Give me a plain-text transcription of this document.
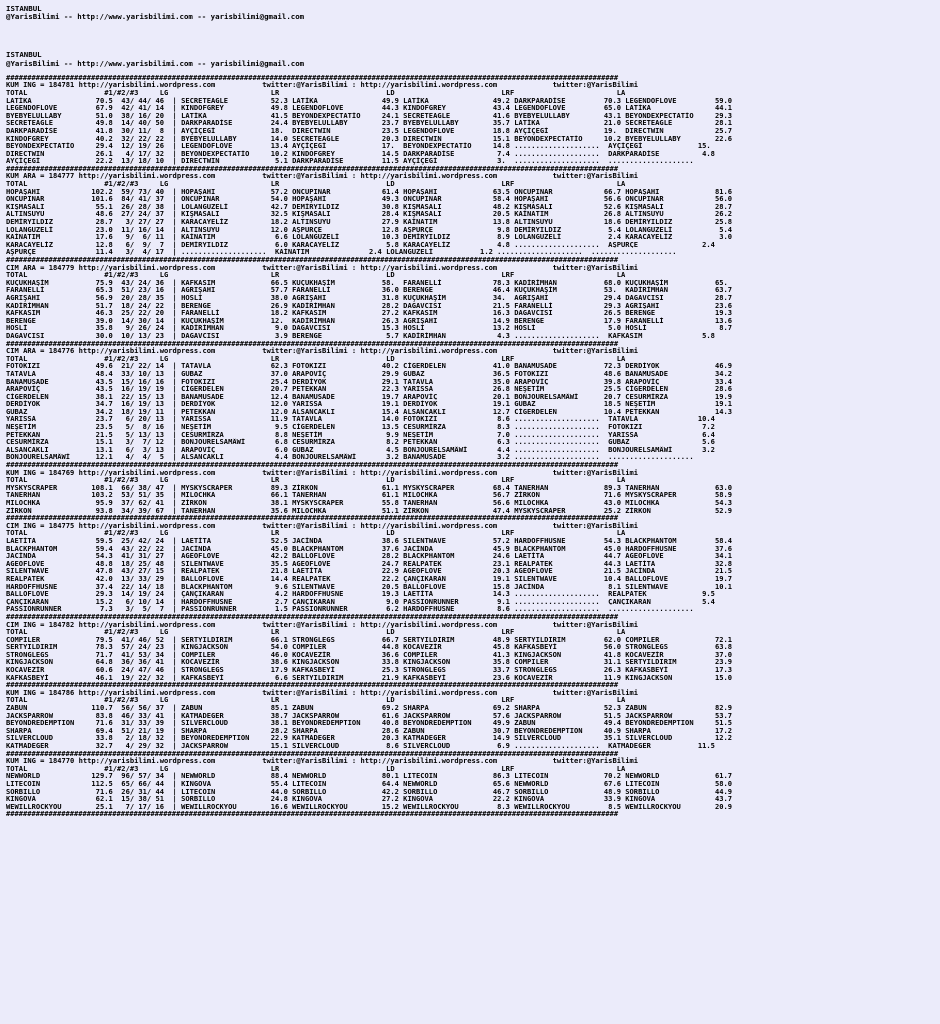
ISTANBUL
@YarisBilimi -- http://www.yarisbilimi.com -- yarisbilimi@gmail.com
ISTANBUL
@YarisBilimi -- http://www.yarisbilimi.com -- yarisbilimi@gmail.com
################################################################################################################################################
KUM ING = 184781 http://yarisbilimi.wordpress.com           twitter:@YarisBilimi : http://yarisbilimi.wordpress.com             twitter:@YarisBilimi
TOTAL                  #1/#2/#3     LG                        LR                         LD                         LRF                        LA
LATİKA               70.5  43/ 44/ 46  | SECRETEAGLE          52.3 LATİKA               49.9 LATİKA               49.2 DARKPARADİSE         70.3 LEGENDOFLOVE         59.0
LEGENDOFLOVE         67.9  42/ 41/ 14  | KINDOFGREY           49.8 LEGENDOFLOVE         44.3 KINDOFGREY           43.4 LEGENDOFLOVE         65.0 LATİKA               44.1
BYEBYELULLABY        51.0  38/ 16/ 20  | LATİKA               41.5 BEYONDEXPECTATİO     24.1 SECRETEAGLE          41.6 BYEBYELULLABY        43.1 BEYONDEXPECTATİO     29.3
SECRETEAGLE          49.8  14/ 40/ 50  | DARKPARADİSE         24.4 BYEBYELULLABY        23.7 BYEBYELULLABY        35.7 LATİKA               21.0 SECRETEAGLE          28.1
DARKPARADİSE         41.8  30/ 11/  8  | AYÇİÇEĞİ             18.  DIRECTWIN            23.5 LEGENDOFLOVE         18.8 AYÇİÇEĞİ             19.  DIRECTWIN            25.7
KINDOFGREY           40.2  32/ 22/ 22  | BYEBYELULLABY        14.0 SECRETEAGLE          20.3 DIRECTWIN            15.1 BEYONDEXPECTATİO     10.2 BYEBYELULLABY        22.6
BEYONDEXPECTATİO     29.4  12/ 19/ 26  | LEGENDOFLOVE         13.4 AYÇİÇEĞİ             17.  BEYONDEXPECTATİO     14.8 ....................  AYÇİÇEĞİ             15.
DIRECTWIN            26.1   4/ 17/ 32  | BEYONDEXPECTATİO     10.2 KINDOFGREY           14.5 DARKPARADİSE          7.4 ....................  DARKPARADİSE          4.8
AYÇİÇEĞİ             22.2  13/ 18/ 10  | DIRECTWIN             5.1 DARKPARADİSE         11.5 AYÇİÇEĞİ              3.  ....................  ....................
################################################################################################################################################
KUM ARA = 184777 http://yarisbilimi.wordpress.com           twitter:@YarisBilimi : http://yarisbilimi.wordpress.com             twitter:@YarisBilimi
TOTAL                  #1/#2/#3     LG                        LR                         LD                         LRF                        LA
HOPAŞAHI            102.2  59/ 73/ 40  | HOPAŞAHI             57.2 ÖNCÜPINAR            61.4 HOPAŞAHI             63.5 ÖNCÜPINAR            66.7 HOPAŞAHI             81.6
ÖNCÜPINAR           101.6  84/ 41/ 37  | ÖNCÜPINAR            54.0 HOPAŞAHI             49.3 ÖNCÜPINAR            58.4 HOPAŞAHI             56.6 ÖNCÜPINAR            56.0
KIŞMASALI            55.1  26/ 28/ 38  | LOLANGÜZELİ          42.7 DEMİRYILDIZ          30.8 KIŞMASALI            48.2 KIŞMASALI            52.6 KIŞMASALI            28.7
ALTINSUYU            48.6  27/ 24/ 37  | KIŞMASALI            32.5 KIŞMASALI            28.4 KIŞMASALI            20.5 KAİNATIM             26.8 ALTINSUYU            26.2
DEMİRYILDIZ          28.7   3/ 27/ 27  | KARACAYELİZ          18.2 ALTINSUYU            27.9 KAİNATIM             13.8 ALTINSUYU            18.6 DEMİRYILDIZ          25.8
LOLANGÜZELİ          23.0  11/ 16/ 14  | ALTINSUYU            12.0 AŞPURÇE              12.8 AŞPURÇE               9.8 DEMİRYILDIZ           5.4 LOLANGÜZELİ           5.4
KAİNATIM             17.6   9/  6/ 11  | KAİNATIM              6.6 LOLANGÜZELİ          10.3 DEMİRYILDIZ           8.9 LOLANGÜZELİ           2.4 KARACAYELİZ           3.0
KARACAYELİZ          12.8   6/  9/  7  | DEMİRYILDIZ           6.0 KARACAYELİZ           5.8 KARACAYELİZ           4.8 ....................  AŞPURÇE               2.4
AŞPURÇE              11.4   3/  4/ 17  | ....................  KAİNATIM              2.4 LOLANGÜZELİ           1.2 ....................  ....................
################################################################################################################################################
CIM ARA = 184779 http://yarisbilimi.wordpress.com           twitter:@YarisBilimi : http://yarisbilimi.wordpress.com             twitter:@YarisBilimi
TOTAL                  #1/#2/#3     LG                        LR                         LD                         LRF                        LA
KÜÇÜKHAŞİM           75.9  43/ 24/ 36  | KAFKASIM             66.5 KÜÇÜKHAŞİM           58.  FARANELLİ            78.3 KADİRİMHAN           68.0 KÜÇÜKHAŞİM           65.
FARANELLİ            65.3  51/ 23/ 16  | AĞRIŞAHI             57.7 FARANELLİ            36.0 BERENGE              46.4 KÜÇÜKHAŞİM           53.  KADİRİMHAN           63.7
AĞRIŞAHI             56.9  20/ 28/ 35  | HOSLİ                38.0 AĞRIŞAHI             31.8 KÜÇÜKHAŞİM           34.  AĞRIŞAHI             29.4 DAĞAVCISI            28.7
KADİRİMHAN           51.7  18/ 24/ 22  | BERENGE              26.9 KADİRİMHAN           28.2 DAĞAVCISI            21.5 FARANELLİ            29.3 AĞRIŞAHI             23.6
KAFKASIM             46.3  25/ 22/ 20  | FARANELLİ            18.2 KAFKASIM             27.2 KAFKASIM             16.3 DAĞAVCISI            26.5 BERENGE              19.3
BERENGE              39.0  14/ 30/ 14  | KÜÇÜKHAŞİM           12.  KADİRİMHAN           26.3 AĞRIŞAHI             14.9 BERENGE              17.9 FARANELLİ            13.6
HOSLİ                35.8   9/ 26/ 24  | KADİRİMHAN            9.0 DAĞAVCISI            15.3 HOSLİ                13.2 HOSLİ                 5.0 HOSLİ                 8.7
DAĞAVCISI            30.0  10/ 13/ 23  | DAĞAVCISI             3.9 BERENGE               5.7 KADİRİMHAN            4.3 ....................  KAFKASIM              5.8
################################################################################################################################################
CIM ARA = 184776 http://yarisbilimi.wordpress.com           twitter:@YarisBilimi : http://yarisbilimi.wordpress.com             twitter:@YarisBilimi
TOTAL                  #1/#2/#3     LG                        LR                         LD                         LRF                        LA
FOTOKIZI             49.6  21/ 22/ 14  | TATAVLA              62.3 FOTOKIZI             40.2 CİĞERDELEN           41.0 BANAMÜSADE           72.3 DERDİYOK             46.9
TATAVLA              48.4  33/ 10/ 13  | GUBAZ                37.0 ARAPOVİÇ             29.9 GUBAZ                36.5 FOTOKIZI             48.6 BANAMÜSADE           34.2
BANAMÜSADE           43.5  15/ 16/ 16  | FOTOKIZI             25.4 DERDİYOK             29.1 TATAVLA              35.0 ARAPOVİÇ             39.8 ARAPOVİÇ             33.4
ARAPOVİÇ             43.5  16/ 19/ 19  | CİĞERDELEN           20.7 PETEKKAN             22.3 YARISSA              26.8 NEŞETİM              25.5 CİĞERDELEN           28.6
CİĞERDELEN           38.1  22/ 15/ 13  | BANAMÜSADE           12.4 BANAMÜSADE           19.7 ARAPOVİÇ             20.1 BONJOURELSAMÂWİ      20.7 CESURMİRZA           19.9
DERDİYOK             34.7  16/ 19/ 13  | DERDİYOK             12.0 YARISSA              19.1 DERDİYOK             19.1 GUBAZ                18.5 NEŞETİM              19.1
GUBAZ                34.2  18/ 19/ 11  | PETEKKAN             12.0 ALSANCAKLI           15.4 ALSANCAKLI           12.7 CİĞERDELEN           10.4 PETEKKAN             14.3
YARISSA              23.7   6/ 20/ 13  | YARISSA              11.9 TATAVLA              14.0 FOTOKIZI              8.6 ....................  TATAVLA              10.4
NEŞETİM              23.5   5/  8/ 16  | NEŞETİM               9.5 CİĞERDELEN           13.5 CESURMİRZA            8.3 ....................  FOTOKIZI              7.2
PETEKKAN             21.5   5/ 13/ 13  | CESURMİRZA            8.8 NEŞETİM               9.9 NEŞETİM               7.0 ....................  YARISSA               6.4
CESURMİRZA           15.1   3/  7/ 12  | BONJOURELSAMÂWİ       6.8 CESURMİRZA            8.2 PETEKKAN              6.3 ....................  GUBAZ                 5.6
ALSANCAKLI           13.1   6/  3/ 13  | ARAPOVİÇ              6.0 GUBAZ                 4.5 BONJOURELSAMÂWİ       4.4 ....................  BONJOURELSAMÂWİ       3.2
BONJOURELSAMÂWİ      12.1   4/  4/  5  | ALSANCAKLI            4.4 BONJOURELSAMÂWİ       3.2 BANAMÜSADE            3.2 ....................  ....................
################################################################################################################################################
KUM ING = 184769 http://yarisbilimi.wordpress.com           twitter:@YarisBilimi : http://yarisbilimi.wordpress.com             twitter:@YarisBilimi
TOTAL                  #1/#2/#3     LG                        LR                         LD                         LRF                        LA
MYSKYSCRAPER        108.1  66/ 38/ 47  | MYSKYSCRAPER         89.3 ZİRKON               61.1 MYSKYSCRAPER         68.4 TANERHAN             89.3 TANERHAN             63.0
TANERHAN            103.2  53/ 51/ 35  | MILOCHKA             66.1 TANERHAN             61.1 MILOCHKA             56.7 ZİRKON               71.6 MYSKYSCRAPER         58.9
MILOCHKA             95.9  37/ 62/ 41  | ZİRKON               38.1 MYSKYSCRAPER         55.8 TANERHAN             56.6 MILOCHKA             43.0 MILOCHKA             54.3
ZİRKON               93.8  34/ 39/ 67  | TANERHAN             35.6 MILOCHKA             51.1 ZİRKON               47.4 MYSKYSCRAPER         25.2 ZİRKON               52.9
################################################################################################################################################
CIM ING = 184775 http://yarisbilimi.wordpress.com           twitter:@YarisBilimi : http://yarisbilimi.wordpress.com             twitter:@YarisBilimi
TOTAL                  #1/#2/#3     LG                        LR                         LD                         LRF                        LA
LAETİTA              59.5  25/ 42/ 24  | LAETİTA              52.5 JACİNDA              38.6 SILENTWAVE           57.2 HARDOFFHÜSNE         54.3 BLACKPHANTOM         58.4
BLACKPHANTOM         59.4  43/ 22/ 22  | JACİNDA              45.0 BLACKPHANTOM         37.6 JACİNDA              45.9 BLACKPHANTOM         45.0 HARDOFFHÜSNE         37.6
JACİNDA              54.3  41/ 31/ 27  | AGEOFLOVE            42.2 BALLOFLOVE           28.2 BLACKPHANTOM         24.6 LAETİTA              44.7 AGEOFLOVE            34.1
AGEOFLOVE            48.8  18/ 25/ 48  | SILENTWAVE           35.5 AGEOFLOVE            24.7 REALPATEK            23.1 REALPATEK            44.3 LAETİTA              32.8
SILENTWAVE           47.8  43/ 27/ 15  | REALPATEK            21.8 LAETİTA              22.9 AGEOFLOVE            20.3 AGEOFLOVE            21.5 JACİNDA              21.5
REALPATEK            42.0  13/ 33/ 29  | BALLOFLOVE           14.4 REALPATEK            22.2 ÇANÇIKARAN           19.1 SILENTWAVE           10.4 BALLOFLOVE           19.7
HARDOFFHÜSNE         37.4  22/ 14/ 18  | BLACKPHANTOM          9.6 SILENTWAVE           20.5 BALLOFLOVE           15.8 JACİNDA               8.1 SILENTWAVE           10.1
BALLOFLOVE           29.3  14/ 19/ 24  | ÇANÇIKARAN            4.2 HARDOFFHÜSNE         19.3 LAETİTA              14.3 ....................  REALPATEK             9.5
ÇANÇIKARAN           15.2   6/ 10/ 14  | HARDOFFHÜSNE          2.7 ÇANÇIKARAN            9.0 PASSIONRUNNER         9.1 ....................  ÇANÇIKARAN            5.4
PASSIONRUNNER         7.3   3/  5/  7  | PASSIONRUNNER         1.5 PASSIONRUNNER         6.2 HARDOFFHÜSNE          8.6 ....................  ....................
################################################################################################################################################
CIM ING = 184782 http://yarisbilimi.wordpress.com           twitter:@YarisBilimi : http://yarisbilimi.wordpress.com             twitter:@YarisBilimi
TOTAL                  #1/#2/#3     LG                        LR                         LD                         LRF                        LA
COMPILER             79.5  41/ 46/ 52  | SERTYILDIRIM         66.1 STRONGLEGS           66.7 SERTYILDIRIM         48.9 SERTYILDIRIM         62.0 COMPILER             72.1
SERTYILDIRIM         78.3  57/ 24/ 23  | KINGJACKSON          54.0 COMPILER             44.8 KOCAVEZİR            45.8 KAFKASBEYİ           56.0 STRONGLEGS           63.8
STRONGLEGS           71.7  41/ 53/ 34  | COMPILER             46.0 KOCAVEZİR            36.6 COMPILER             41.3 KINGJACKSON          41.8 KOCAVEZİR            37.0
KINGJACKSON          64.8  36/ 36/ 41  | KOCAVEZİR            38.6 KINGJACKSON          33.8 KINGJACKSON          35.8 COMPILER             31.1 SERTYILDIRIM         23.9
KOCAVEZİR            60.6  24/ 47/ 46  | STRONGLEGS           17.9 KAFKASBEYİ           25.3 STRONGLEGS           33.7 STRONGLEGS           26.3 KAFKASBEYİ           17.3
KAFKASBEYİ           46.1  19/ 22/ 32  | KAFKASBEYİ            6.6 SERTYILDIRIM         21.9 KAFKASBEYİ           23.6 KOCAVEZİR            11.9 KINGJACKSON          15.0
################################################################################################################################################
KUM ING = 184786 http://yarisbilimi.wordpress.com           twitter:@YarisBilimi : http://yarisbilimi.wordpress.com             twitter:@YarisBilimi
TOTAL                  #1/#2/#3     LG                        LR                         LD                         LRF                        LA
ZABUN               110.7  56/ 56/ 37  | ZABUN                85.1 ZABUN                69.2 SHARPA               69.2 SHARPA               52.3 ZABUN                82.9
JACKSPARROW          83.8  46/ 33/ 41  | KATMADEĞER           38.7 JACKSPARROW          61.6 JACKSPARROW          57.6 JACKSPARROW          51.5 JACKSPARROW          53.7
BEYONDREDEMPTION     71.6  31/ 33/ 39  | SILVERCLOUD          38.1 BEYONDREDEMPTION     40.8 BEYONDREDEMPTION     49.9 ZABUN                49.4 BEYONDREDEMPTION     51.5
SHARPA               69.4  51/ 21/ 19  | SHARPA               28.2 SHARPA               28.6 ZABUN                30.7 BEYONDREDEMPTION     40.9 SHARPA               17.2
SILVERCLOUD          33.8   2/ 18/ 32  | BEYONDREDEMPTION     22.9 KATMADEĞER           20.3 KATMADEĞER           14.9 SILVERCLOUD          35.1 SILVERCLOUD          12.2
KATMADEĞER           32.7   4/ 29/ 32  | JACKSPARROW          15.1 SILVERCLOUD           8.6 SILVERCLOUD           6.9 ....................  KATMADEĞER           11.5
################################################################################################################################################
KUM ING = 184770 http://yarisbilimi.wordpress.com           twitter:@YarisBilimi : http://yarisbilimi.wordpress.com             twitter:@YarisBilimi
TOTAL                  #1/#2/#3     LG                        LR                         LD                         LRF                        LA
NEWWORLD            129.7  96/ 57/ 34  | NEWWORLD             88.4 NEWWORLD             80.1 LITECOIN             86.3 LITECOIN             70.2 NEWWORLD             61.7
LITECOIN            112.5  65/ 66/ 44  | KINGOVA              55.4 LITECOIN             64.4 NEWWORLD             65.6 NEWWORLD             67.6 LITECOIN             58.0
SORBILLO             71.6  26/ 31/ 44  | LITECOIN             44.0 SORBILLO             42.2 SORBILLO             46.7 SORBILLO             48.9 SORBILLO             44.9
KINGOVA              62.1  15/ 38/ 51  | SORBILLO             24.8 KINGOVA              27.2 KINGOVA              22.2 KINGOVA              33.9 KINGOVA              43.7
WEWILLROCKYOU        25.1   7/ 17/ 16  | WEWILLROCKYOU        16.6 WEWILLROCKYOU        15.2 WEWILLROCKYOU         8.3 WEWILLROCKYOU         8.5 WEWILLROCKYOU        20.9
################################################################################################################################################
